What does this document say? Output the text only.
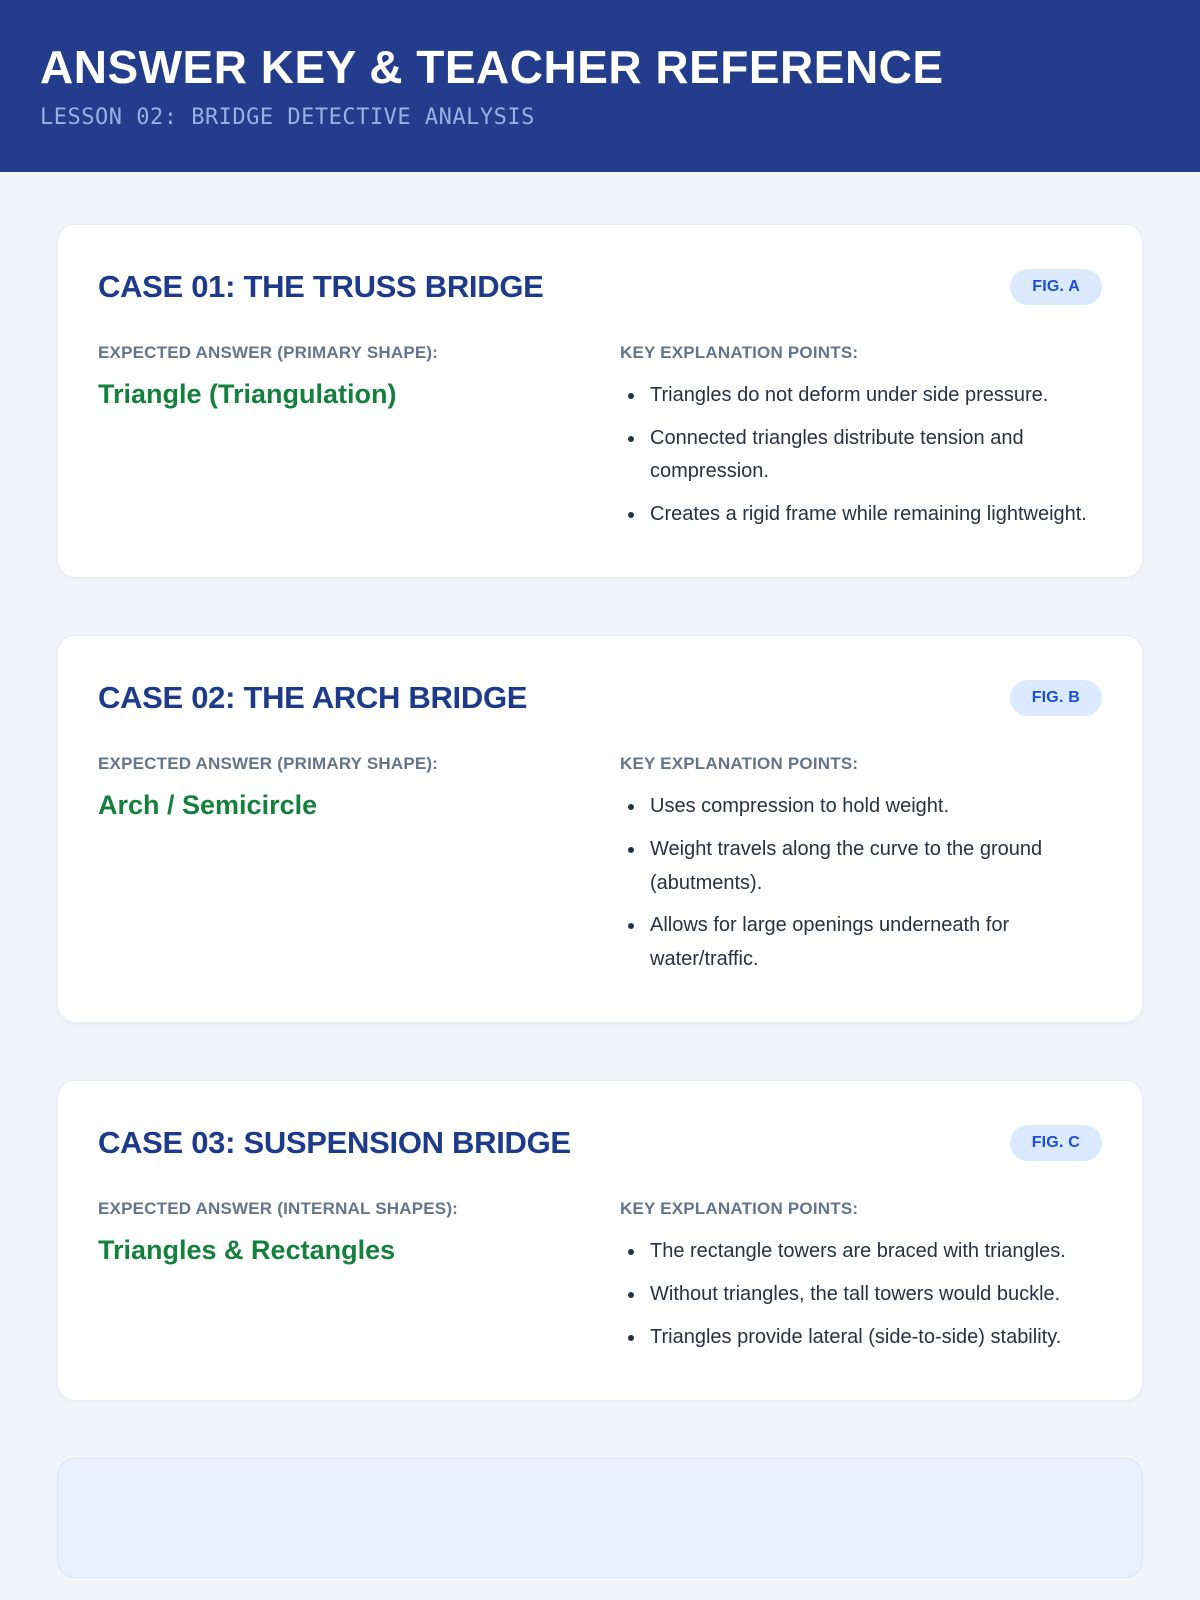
ANSWER KEY & TEACHER REFERENCE
LESSON 02: BRIDGE DETECTIVE ANALYSIS
CASE 01: THE TRUSS BRIDGE	FIG. A
EXPECTED ANSWER (PRIMARY SHAPE):
Triangle (Triangulation)
KEY EXPLANATION POINTS:
• Triangles do not deform under side pressure.
• Connected triangles distribute tension and compression.
• Creates a rigid frame while remaining lightweight.
CASE 02: THE ARCH BRIDGE	FIG. B
EXPECTED ANSWER (PRIMARY SHAPE):
Arch / Semicircle
KEY EXPLANATION POINTS:
• Uses compression to hold weight.
• Weight travels along the curve to the ground (abutments).
• Allows for large openings underneath for water/traffic.
CASE 03: SUSPENSION BRIDGE	FIG. C
EXPECTED ANSWER (INTERNAL SHAPES):
Triangles & Rectangles
KEY EXPLANATION POINTS:
• The rectangle towers are braced with triangles.
• Without triangles, the tall towers would buckle.
• Triangles provide lateral (side-to-side) stability.
